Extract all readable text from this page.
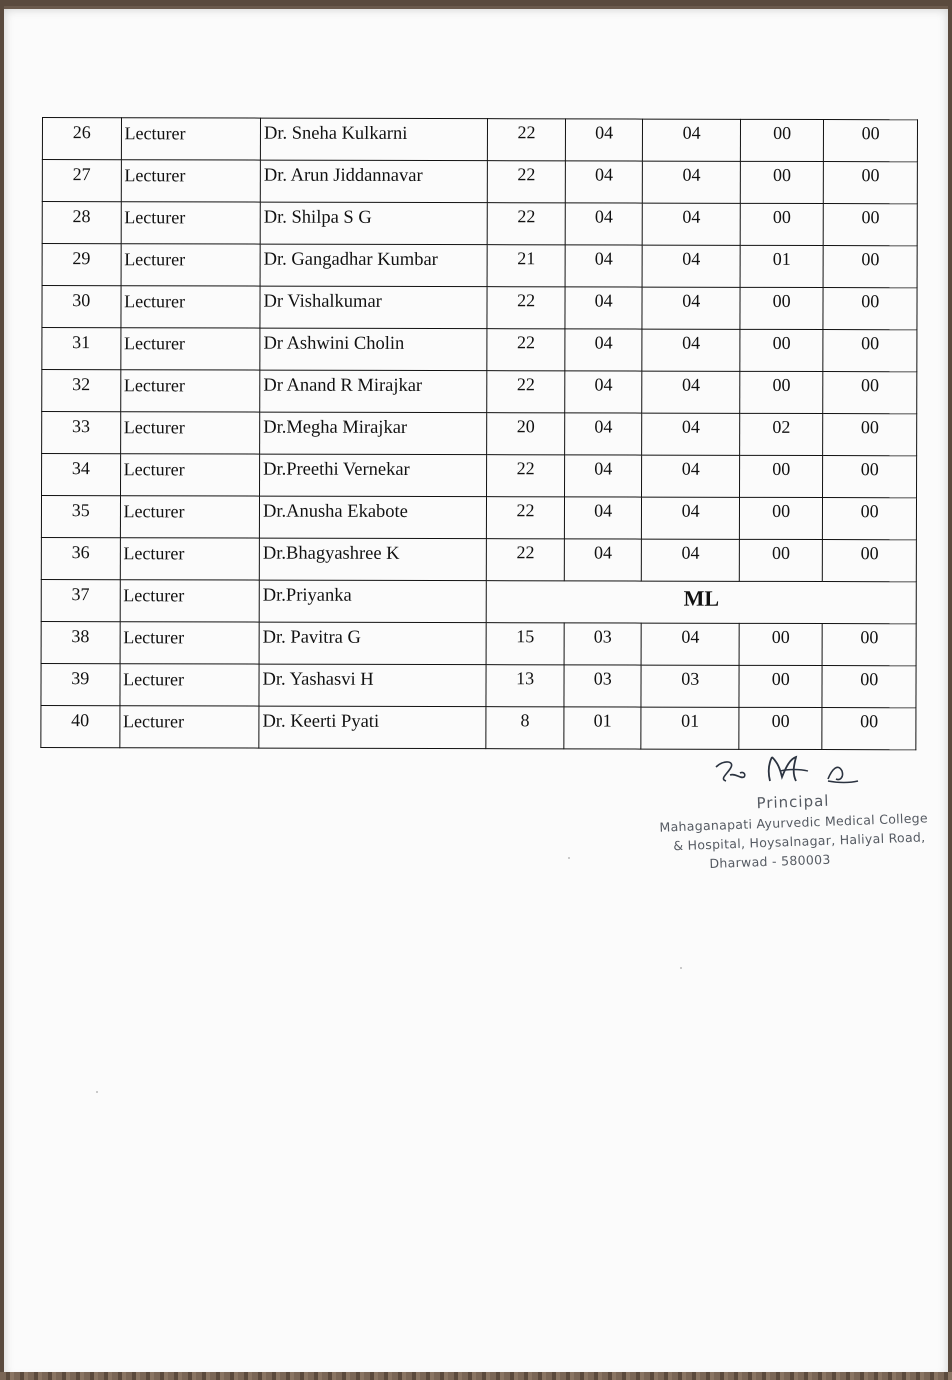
26	Lecturer	Dr. Sneha Kulkarni	22	04	04	00	00
27	Lecturer	Dr. Arun Jiddannavar	22	04	04	00	00
28	Lecturer	Dr. Shilpa S G	22	04	04	00	00
29	Lecturer	Dr. Gangadhar Kumbar	21	04	04	01	00
30	Lecturer	Dr Vishalkumar	22	04	04	00	00
31	Lecturer	Dr Ashwini Cholin	22	04	04	00	00
32	Lecturer	Dr Anand R Mirajkar	22	04	04	00	00
33	Lecturer	Dr.Megha Mirajkar	20	04	04	02	00
34	Lecturer	Dr.Preethi Vernekar	22	04	04	00	00
35	Lecturer	Dr.Anusha Ekabote	22	04	04	00	00
36	Lecturer	Dr.Bhagyashree K	22	04	04	00	00
37	Lecturer	Dr.Priyanka	ML				
38	Lecturer	Dr. Pavitra G	15	03	04	00	00
39	Lecturer	Dr. Yashasvi H	13	03	03	00	00
40	Lecturer	Dr. Keerti Pyati	8	01	01	00	00
Principal
Mahaganapati Ayurvedic Medical College
& Hospital, Hoysalnagar, Haliyal Road,
Dharwad - 580003
